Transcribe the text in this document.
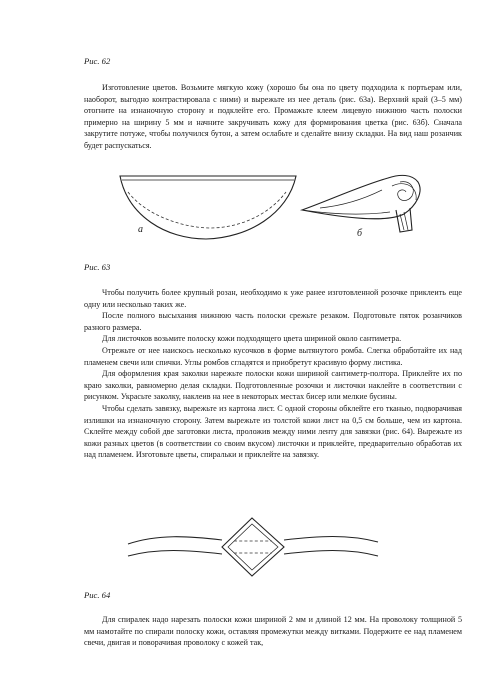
Рис. 62

Изготовление цветов. Возьмите мягкую кожу (хорошо бы она по цвету подходила к портьерам или, наоборот, выгодно контрастировала с ними) и вырежьте из нее деталь (рис. 63а). Верхний край (3–5 мм) отогните на изнаночную сторону и подклейте его. Промажьте клеем лицевую нижнюю часть полоски примерно на ширину 5 мм и начните закручивать кожу для формирования цветка (рис. 63б). Сначала закрутите потуже, чтобы получился бутон, а затем ослабьте и сделайте внизу складки. На вид наш розанчик будет распускаться.

а	б
Рис. 63

Чтобы получить более крупный розан, необходимо к уже ранее изготовленной розочке приклеить еще одну или несколько таких же.

После полного высыхания нижнюю часть полоски срежьте резаком. Подготовьте пяток розанчиков разного размера.

Для листочков возьмите полоску кожи подходящего цвета шириной около сантиметра.

Отрежьте от нее наискось несколько кусочков в форме вытянутого ромба. Слегка обработайте их над пламенем свечи или спички. Углы ромбов сгладятся и приобретут красивую форму листика.

Для оформления края заколки нарежьте полоски кожи шириной сантиметр-полтора. Приклейте их по краю заколки, равномерно делая складки. Подготовленные розочки и листочки наклейте в соответствии с рисунком. Украсьте заколку, наклеив на нее в некоторых местах бисер или мелкие бусины.

Чтобы сделать завязку, вырежьте из картона лист. С одной стороны обклейте его тканью, подворачивая излишки на изнаночную сторону. Затем вырежьте из толстой кожи лист на 0,5 см больше, чем из картона. Склейте между собой две заготовки листа, проложив между ними ленту для завязки (рис. 64). Вырежьте из кожи разных цветов (в соответствии со своим вкусом) листочки и приклейте, предварительно обработав их над пламенем. Изготовьте цветы, спиральки и приклейте на завязку.

Рис. 64

Для спиралек надо нарезать полоски кожи шириной 2 мм и длиной 12 мм. На проволоку толщиной 5 мм намотайте по спирали полоску кожи, оставляя промежутки между витками. Подержите ее над пламенем свечи, двигая и поворачивая проволоку с кожей так,
